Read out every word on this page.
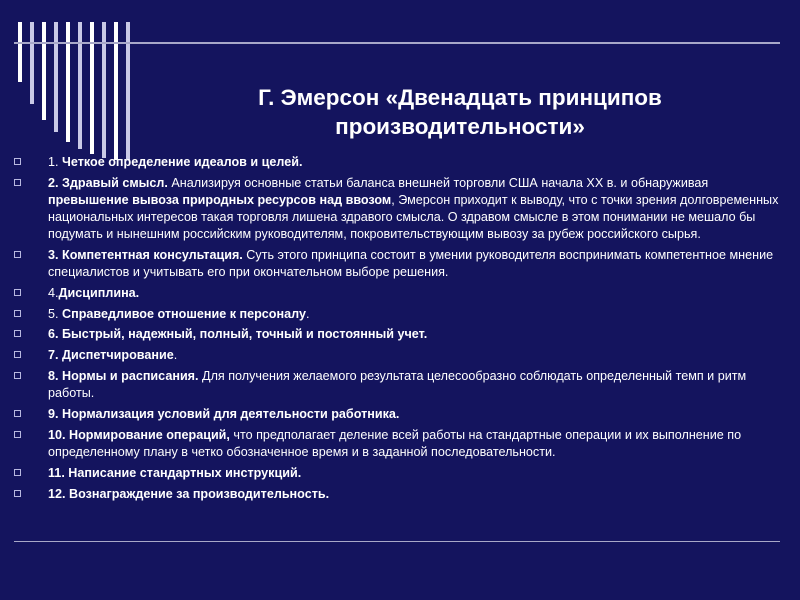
Г. Эмерсон «Двенадцать принципов
производительности»
1. Четкое определение идеалов и целей.
2. Здравый смысл. Анализируя основные статьи баланса внешней торговли США начала XX в. и обнаруживая превышение вывоза природных ресурсов над ввозом, Эмерсон приходит к выводу, что с точки зрения долговременных национальных интересов такая торговля лишена здравого смысла. О здравом смысле в этом понимании не мешало бы подумать и нынешним российским руководителям, покровительствующим вывозу за рубеж российского сырья.
3. Компетентная консультация. Суть этого принципа состоит в умении руководителя воспринимать компетентное мнение специалистов и учитывать его при окончательном выборе решения.
4.Дисциплина.
5. Справедливое отношение к персоналу.
6. Быстрый, надежный, полный, точный и постоянный учет.
7. Диспетчирование.
8. Нормы и расписания. Для получения желаемого результата целесообразно соблюдать определенный темп и ритм работы.
9. Нормализация условий для деятельности работника.
10. Нормирование операций, что предполагает деление всей работы на стандартные операции и их выполнение по определенному плану в четко обозначенное время и в заданной последовательности.
11. Написание стандартных инструкций.
12. Вознаграждение за производительность.
